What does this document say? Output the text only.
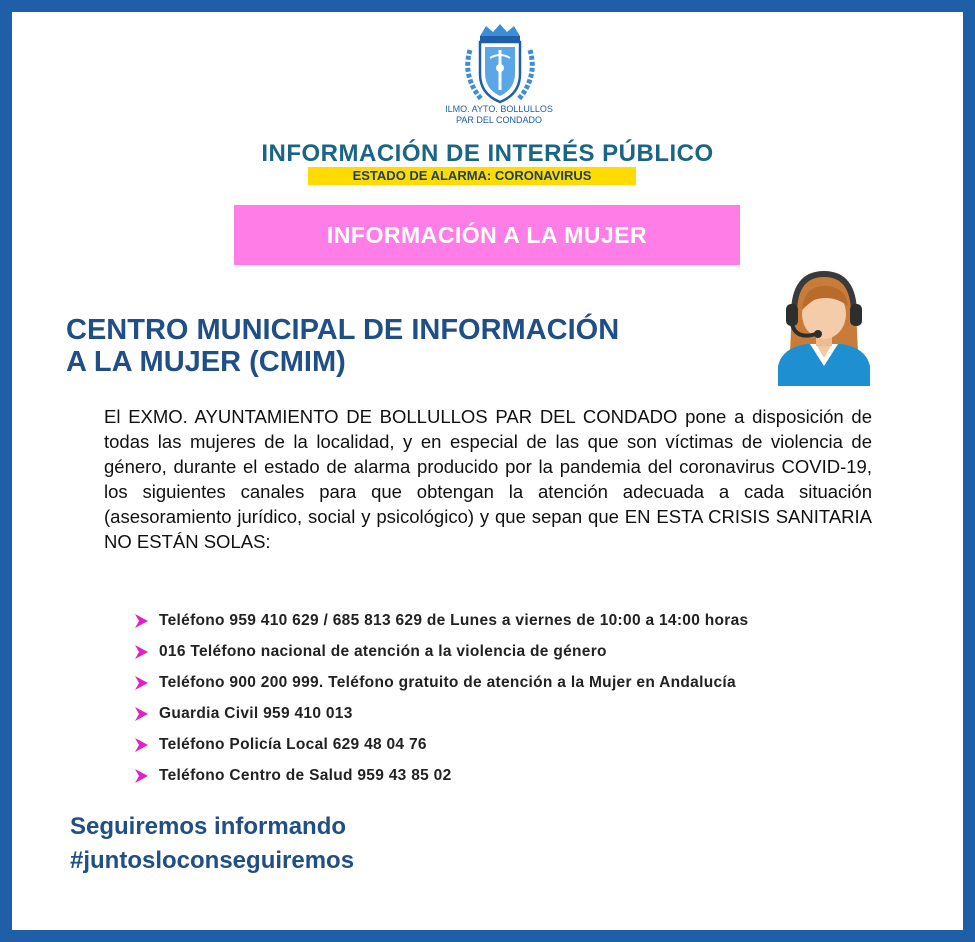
ILMO. AYTO. BOLLULLOS
PAR DEL CONDADO
INFORMACIÓN DE INTERÉS PÚBLICO
ESTADO DE ALARMA: CORONAVIRUS
INFORMACIÓN A LA MUJER
CENTRO MUNICIPAL DE INFORMACIÓN
A LA MUJER (CMIM)
El EXMO. AYUNTAMIENTO DE BOLLULLOS PAR DEL CONDADO pone a disposición de todas las mujeres de la localidad, y en especial de las que son víctimas de violencia de género, durante el estado de alarma producido por la pandemia del coronavirus COVID-19, los siguientes canales para que obtengan la atención adecuada a cada situación (asesoramiento jurídico, social y psicológico) y que sepan que EN ESTA CRISIS SANITARIA NO ESTÁN SOLAS:
Teléfono 959 410 629 / 685 813 629 de Lunes a viernes de 10:00 a 14:00 horas
016 Teléfono nacional de atención a la violencia de género
Teléfono 900 200 999. Teléfono gratuito de atención a la Mujer en Andalucía
Guardia Civil 959 410 013
Teléfono Policía Local 629 48 04 76
Teléfono Centro de Salud 959 43 85 02
Seguiremos informando
#juntosloconseguiremos
